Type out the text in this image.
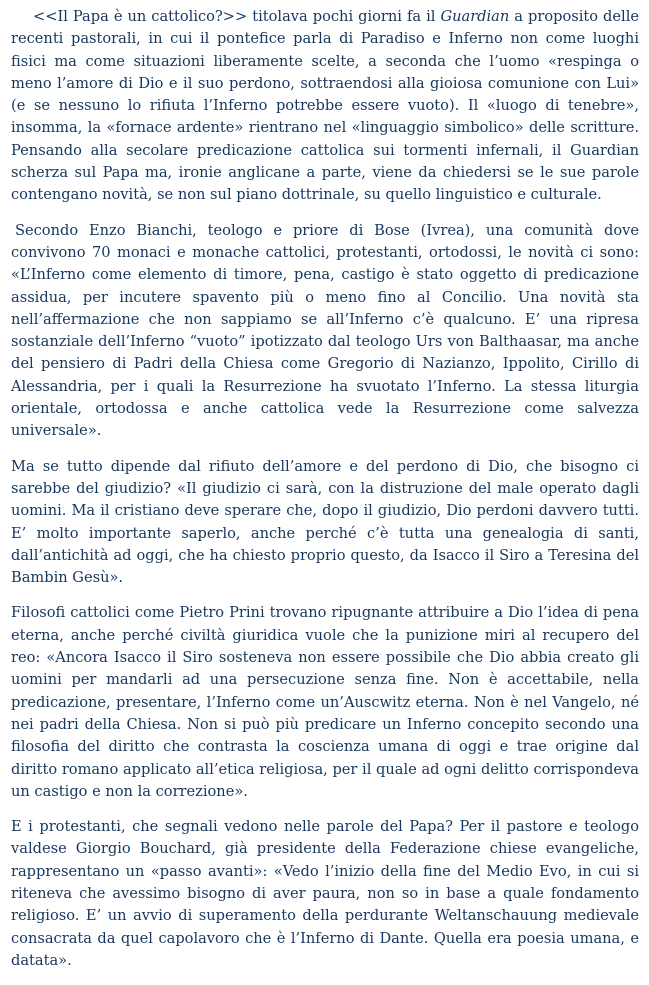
<<Il Papa è un cattolico?>> titolava pochi giorni fa il Guardian a proposito delle recenti pastorali, in cui il pontefice parla di Paradiso e Inferno non come luoghi fisici ma come situazioni liberamente scelte, a seconda che l’uomo «respinga o meno l’amore di Dio e il suo perdono, sottraendosi alla gioiosa comunione con Lui» (e se nessuno lo rifiuta l’Inferno potrebbe essere vuoto). Il «luogo di tenebre», insomma, la «fornace ardente» rientrano nel «linguaggio simbolico» delle scritture. Pensando alla secolare predicazione cattolica sui tormenti infernali, il Guardian scherza sul Papa ma, ironie anglicane a parte, viene da chiedersi se le sue parole contengano novità, se non sul piano dottrinale, su quello linguistico e culturale.

Secondo Enzo Bianchi, teologo e priore di Bose (Ivrea), una comunità dove convivono 70 monaci e monache cattolici, protestanti, ortodossi, le novità ci sono: «L’Inferno come elemento di timore, pena, castigo è stato oggetto di predicazione assidua, per incutere spavento più o meno fino al Concilio. Una novità sta nell’affermazione che non sappiamo se all’Inferno c’è qualcuno. E’ una ripresa sostanziale dell’Inferno “vuoto” ipotizzato dal teologo Urs von Balthaasar, ma anche del pensiero di Padri della Chiesa come Gregorio di Nazianzo, Ippolito, Cirillo di Alessandria, per i quali la Resurrezione ha svuotato l’Inferno. La stessa liturgia orientale, ortodossa e anche cattolica vede la Resurrezione come salvezza universale».

Ma se tutto dipende dal rifiuto dell’amore e del perdono di Dio, che bisogno ci sarebbe del giudizio? «Il giudizio ci sarà, con la distruzione del male operato dagli uomini. Ma il cristiano deve sperare che, dopo il giudizio, Dio perdoni davvero tutti. E’ molto importante saperlo, anche perché c’è tutta una genealogia di santi, dall’antichità ad oggi, che ha chiesto proprio questo, da Isacco il Siro a Teresina del Bambin Gesù».

Filosofi cattolici come Pietro Prini trovano ripugnante attribuire a Dio l’idea di pena eterna, anche perché civiltà giuridica vuole che la punizione miri al recupero del reo: «Ancora Isacco il Siro sosteneva non essere possibile che Dio abbia creato gli uomini per mandarli ad una persecuzione senza fine. Non è accettabile, nella predicazione, presentare, l’Inferno come un’Auscwitz eterna. Non è nel Vangelo, né nei padri della Chiesa. Non si può più predicare un Inferno concepito secondo una filosofia del diritto che contrasta la coscienza umana di oggi e trae origine dal diritto romano applicato all’etica religiosa, per il quale ad ogni delitto corrispondeva un castigo e non la correzione».

E i protestanti, che segnali vedono nelle parole del Papa? Per il pastore e teologo valdese Giorgio Bouchard, già presidente della Federazione chiese evangeliche, rappresentano un «passo avanti»: «Vedo l’inizio della fine del Medio Evo, in cui si riteneva che avessimo bisogno di aver paura, non so in base a quale fondamento religioso. E’ un avvio di superamento della perdurante Weltanschauung medievale consacrata da quel capolavoro che è l’Inferno di Dante. Quella era poesia umana, e datata».
